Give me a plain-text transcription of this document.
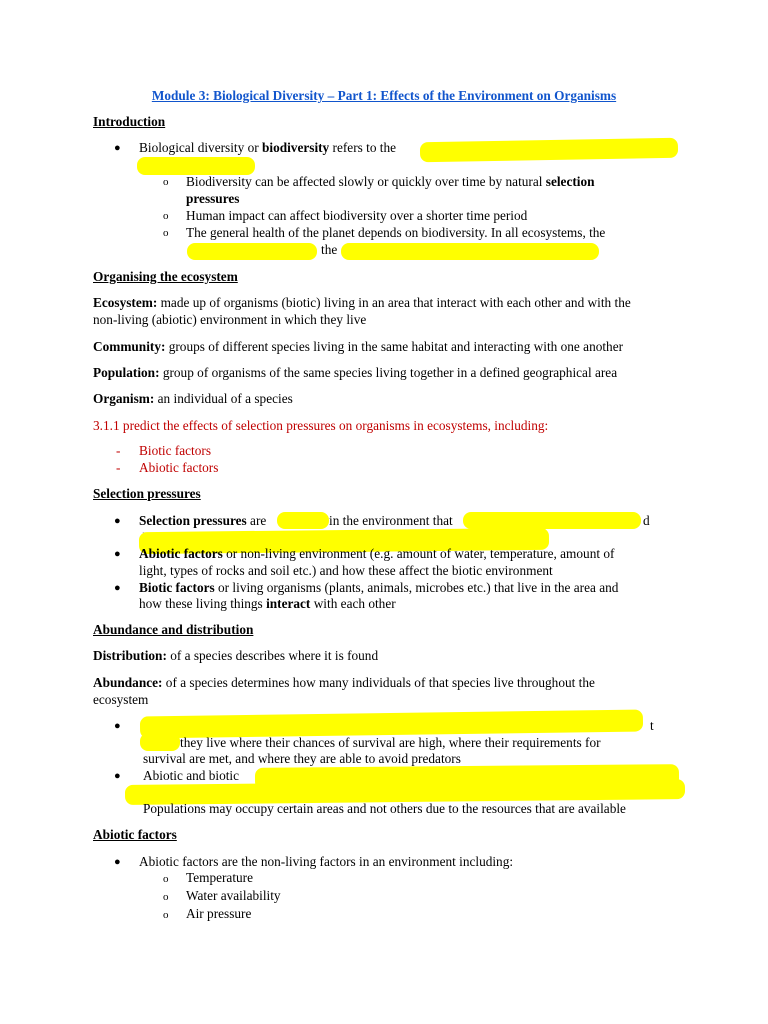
Module 3: Biological Diversity – Part 1: Effects of the Environment on Organisms
Introduction
● Biological diversity or biodiversity refers to the
o Biodiversity can be affected slowly or quickly over time by natural selection
pressures
o Human impact can affect biodiversity over a shorter time period
o The general health of the planet depends on biodiversity. In all ecosystems, the
the
Organising the ecosystem
Ecosystem: made up of organisms (biotic) living in an area that interact with each other and with the
non-living (abiotic) environment in which they live
Community: groups of different species living in the same habitat and interacting with one another
Population: group of organisms of the same species living together in a defined geographical area
Organism: an individual of a species
3.1.1 predict the effects of selection pressures on organisms in ecosystems, including:
- Biotic factors
- Abiotic factors
Selection pressures
● Selection pressures are	in the environment that	d
● Abiotic factors or non-living environment (e.g. amount of water, temperature, amount of
light, types of rocks and soil etc.) and how these affect the biotic environment
● Biotic factors or living organisms (plants, animals, microbes etc.) that live in the area and
how these living things interact with each other
Abundance and distribution
Distribution: of a species describes where it is found
Abundance: of a species determines how many individuals of that species live throughout the
ecosystem
●	t
they live where their chances of survival are high, where their requirements for
survival are met, and where they are able to avoid predators
● Abiotic and biotic
Populations may occupy certain areas and not others due to the resources that are available
Abiotic factors
● Abiotic factors are the non-living factors in an environment including:
o Temperature
o Water availability
o Air pressure
